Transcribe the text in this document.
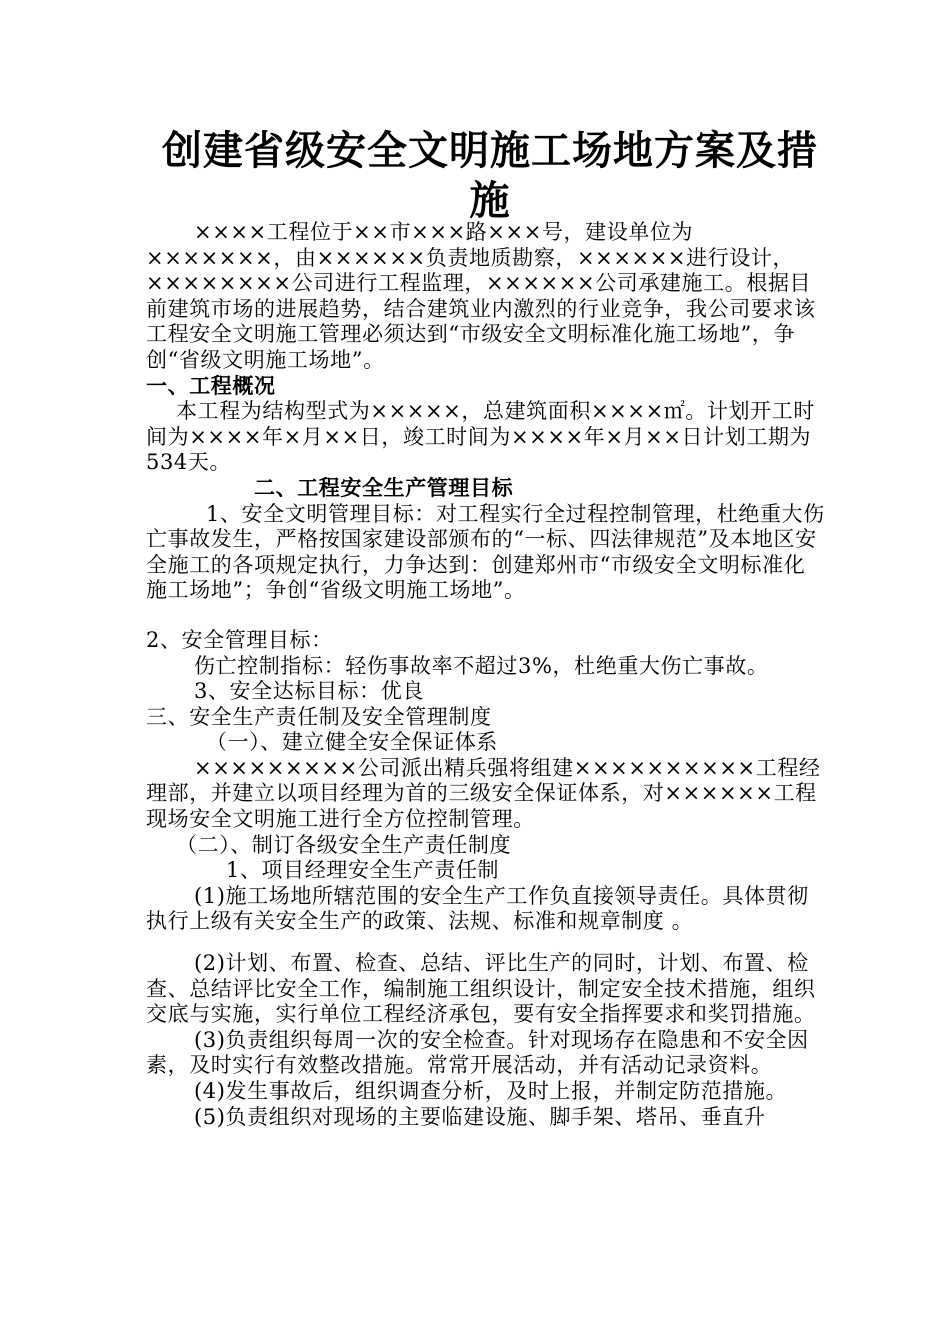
创建省级安全文明施工场地方案及措施

××××工程位于××市×××路×××号，建设单位为×××××××，由××××××负责地质勘察，××××××进行设计，××××××××公司进行工程监理，××××××公司承建施工。根据目前建筑市场的进展趋势，结合建筑业内激烈的行业竞争，我公司要求该工程安全文明施工管理必须达到“市级安全文明标准化施工场地”，争创“省级文明施工场地”。

一、工程概况

本工程为结构型式为×××××，总建筑面积××××㎡。计划开工时间为××××年×月××日，竣工时间为××××年×月××日计划工期为534天。

二、工程安全生产管理目标

1、安全文明管理目标：对工程实行全过程控制管理，杜绝重大伤亡事故发生，严格按国家建设部颁布的“一标、四法律规范”及本地区安全施工的各项规定执行，力争达到：创建郑州市“市级安全文明标准化施工场地”；争创“省级文明施工场地”。

2、安全管理目标：

伤亡控制指标：轻伤事故率不超过3%，杜绝重大伤亡事故。

3、安全达标目标：优良

三、安全生产责任制及安全管理制度

（一）、建立健全安全保证体系

×××××××××公司派出精兵强将组建××××××××××工程经理部，并建立以项目经理为首的三级安全保证体系，对××××××工程现场安全文明施工进行全方位控制管理。

（二）、制订各级安全生产责任制度

1、项目经理安全生产责任制

(1)施工场地所辖范围的安全生产工作负直接领导责任。具体贯彻执行上级有关安全生产的政策、法规、标准和规章制度 。

(2)计划、布置、检查、总结、评比生产的同时，计划、布置、检查、总结评比安全工作，编制施工组织设计，制定安全技术措施，组织交底与实施，实行单位工程经济承包，要有安全指挥要求和奖罚措施。

(3)负责组织每周一次的安全检查。针对现场存在隐患和不安全因素，及时实行有效整改措施。常常开展活动，并有活动记录资料。

(4)发生事故后，组织调查分析，及时上报，并制定防范措施。

(5)负责组织对现场的主要临建设施、脚手架、塔吊、垂直升
